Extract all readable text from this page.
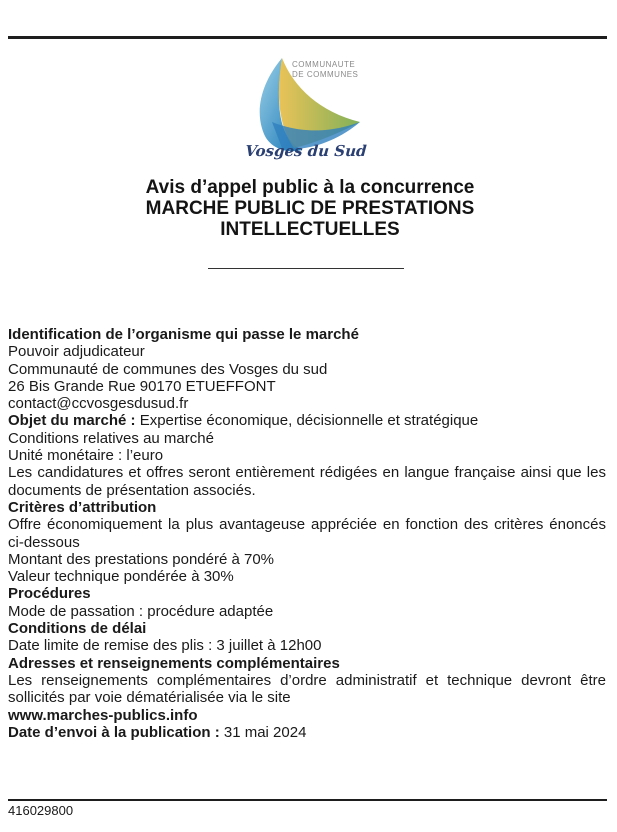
COMMUNAUTE
DE COMMUNES
Vosges du Sud
Avis d’appel public à la concurrence
MARCHE PUBLIC DE PRESTATIONS
INTELLECTUELLES
Identification de l’organisme qui passe le marché
Pouvoir adjudicateur
Communauté de communes des Vosges du sud
26 Bis Grande Rue 90170 ETUEFFONT
contact@ccvosgesdusud.fr
Objet du marché : Expertise économique, décisionnelle et stratégique
Conditions relatives au marché
Unité monétaire : l’euro
Les candidatures et offres seront entièrement rédigées en langue française ainsi que les documents de présentation associés.
Critères d’attribution
Offre économiquement la plus avantageuse appréciée en fonction des critères énoncés ci-dessous
Montant des prestations pondéré à 70%
Valeur technique pondérée à 30%
Procédures
Mode de passation : procédure adaptée
Conditions de délai
Date limite de remise des plis : 3 juillet à 12h00
Adresses et renseignements complémentaires
Les renseignements complémentaires d’ordre administratif et technique devront être sollicités par voie dématérialisée via le site
www.marches-publics.info
Date d’envoi à la publication : 31 mai 2024
416029800
